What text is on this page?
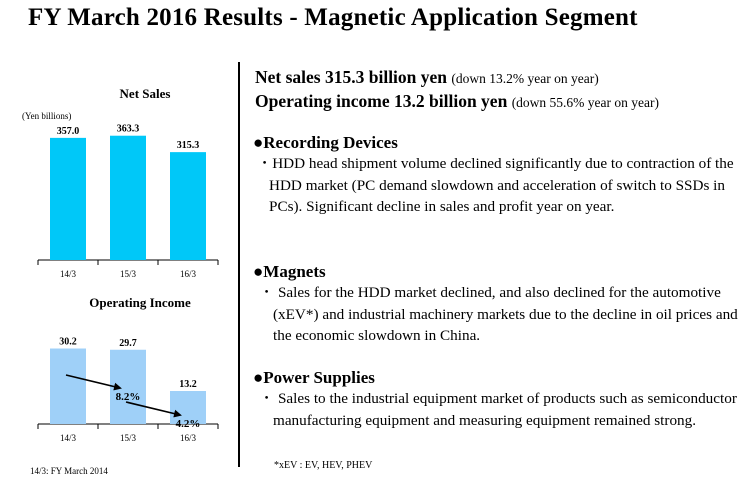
FY March 2016 Results - Magnetic Application Segment
Net Sales
(Yen billions)
357.0
14/3
363.3
15/3
315.3
16/3
Operating Income
30.2
14/3
29.7
15/3
13.2
16/3
8.2%
4.2%
14/3: FY March 2014
Net sales 315.3 billion yen (down 13.2% year on year)
Operating income 13.2 billion yen (down 55.6% year on year)
●Recording Devices
・HDD head shipment volume declined significantly due to contraction of the HDD market (PC demand slowdown and acceleration of switch to SSDs in PCs). Significant decline in sales and profit year on year.
●Magnets
・ Sales for the HDD market declined, and also declined for the automotive (xEV*) and industrial machinery markets due to the decline in oil prices and the economic slowdown in China.
●Power Supplies
・ Sales to the industrial equipment market of products such as semiconductor manufacturing equipment and measuring equipment remained strong.
*xEV : EV, HEV, PHEV
